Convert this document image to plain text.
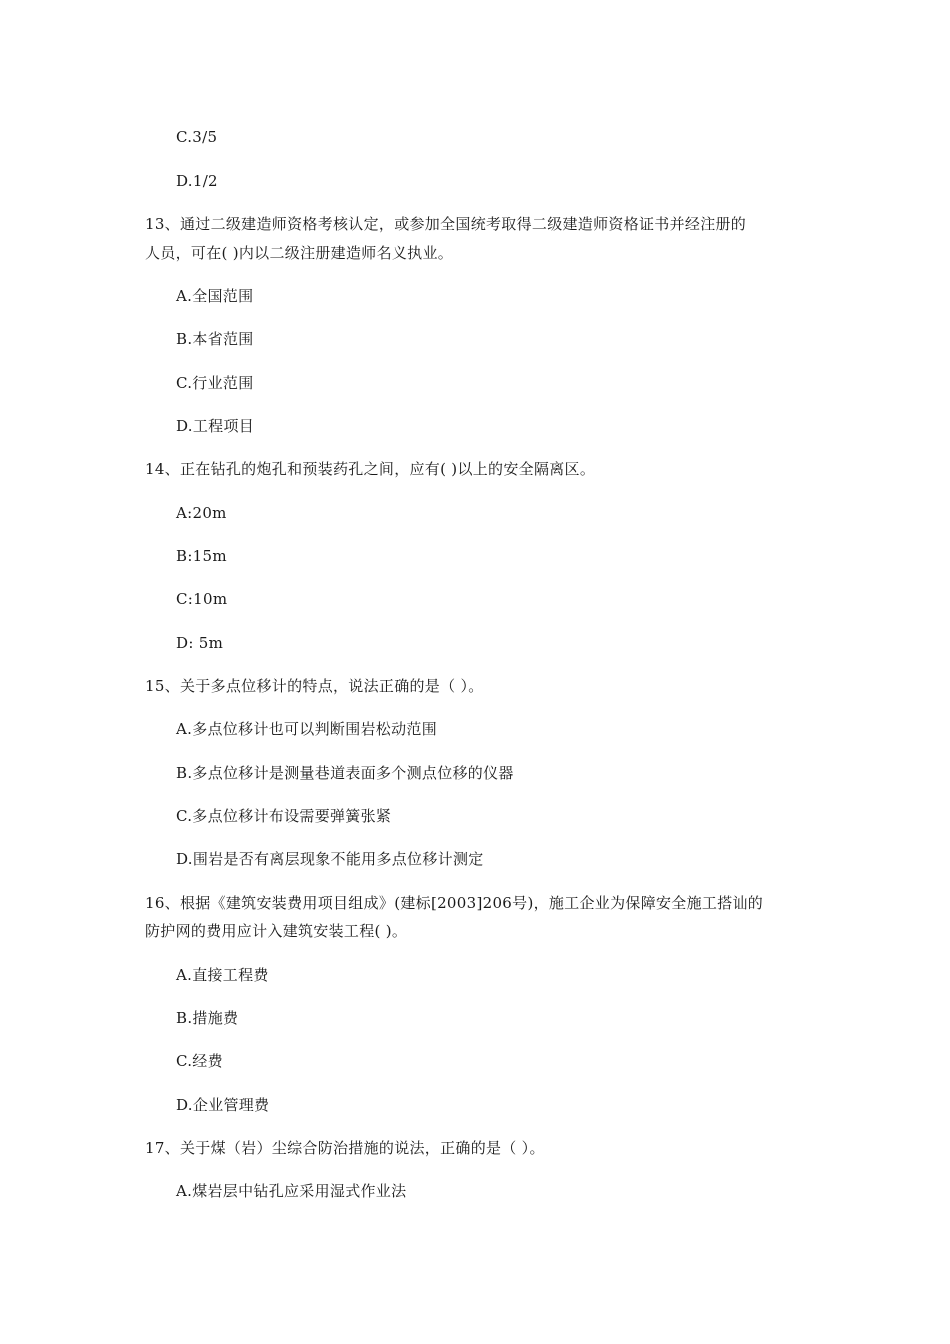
C.3/5
D.1/2
13、通过二级建造师资格考核认定，或参加全国统考取得二级建造师资格证书并经注册的
人员，可在( )内以二级注册建造师名义执业。
A.全国范围
B.本省范围
C.行业范围
D.工程项目
14、正在钻孔的炮孔和预装药孔之间，应有( )以上的安全隔离区。
A:20m
B:15m
C:10m
D: 5m
15、关于多点位移计的特点，说法正确的是（ ）。
A.多点位移计也可以判断围岩松动范围
B.多点位移计是测量巷道表面多个测点位移的仪器
C.多点位移计布设需要弹簧张紧
D.围岩是否有离层现象不能用多点位移计测定
16、根据《建筑安装费用项目组成》(建标[2003]206号)，施工企业为保障安全施工搭讪的
防护网的费用应计入建筑安装工程( )。
A.直接工程费
B.措施费
C.经费
D.企业管理费
17、关于煤（岩）尘综合防治措施的说法，正确的是（ ）。
A.煤岩层中钻孔应采用湿式作业法
